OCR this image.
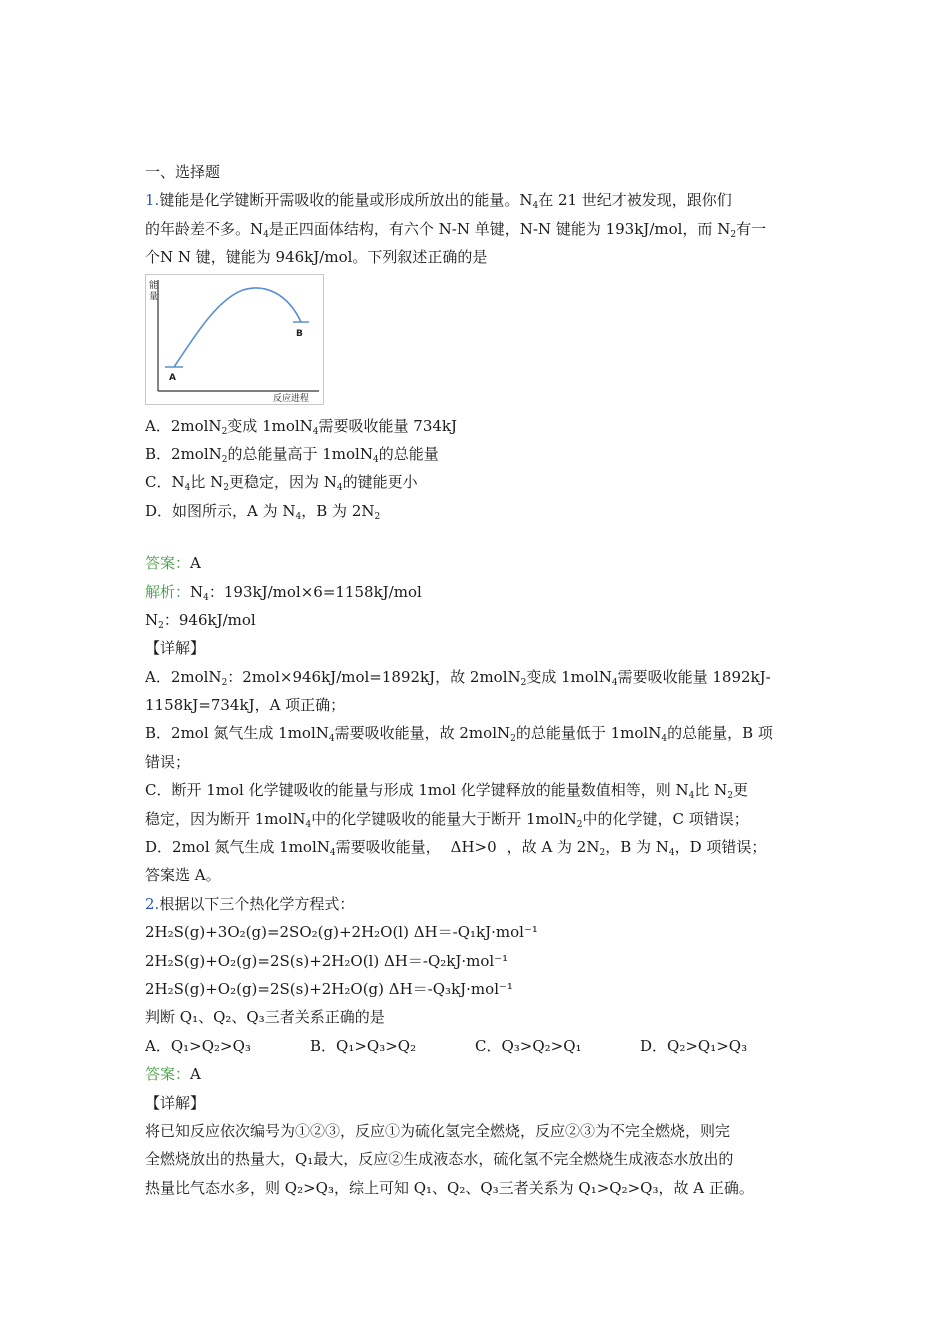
一、选择题
1.键能是化学键断开需吸收的能量或形成所放出的能量。$N_4$在 21 世纪才被发现，跟你们
的年龄差不多。$N_4$是正四面体结构，有六个 N-N 单键，N-N 键能为 193kJ/mol，而 $N_2$有一
个N N 键，键能为 946kJ/mol。下列叙述正确的是
能
量
反应进程
A
B
A．2molN$_2$变成 1molN$_4$需要吸收能量 734kJ
B．2molN$_2$的总能量高于 1molN$_4$的总能量
C．$N_4$比 $N_2$更稳定，因为 $N_4$的键能更小
D．如图所示，A 为 $N_4$，B 为 $2N_2$
答案：A
解析：$N_4$：193kJ/mol×6=1158kJ/mol
$N_2$：946kJ/mol
【详解】
A．2molN$_2$：2mol×946kJ/mol=1892kJ，故 2molN$_2$变成 1molN$_4$需要吸收能量 1892kJ-
1158kJ=734kJ，A 项正确；
B．2mol 氮气生成 1molN$_4$需要吸收能量，故 2molN$_2$的总能量低于 1molN$_4$的总能量，B 项
错误；
C．断开 1mol 化学键吸收的能量与形成 1mol 化学键释放的能量数值相等，则 $N_4$比 $N_2$更
稳定，因为断开 1molN$_4$中的化学键吸收的能量大于断开 1molN$_2$中的化学键，C 项错误；
D．2mol 氮气生成 1molN$_4$需要吸收能量， ΔH>0 ，故 A 为 $2N_2$，B 为 $N_4$，D 项错误；
答案选 A。
2.根据以下三个热化学方程式：
2H₂S(g)+3O₂(g)=2SO₂(g)+2H₂O(l) ΔH＝-Q₁kJ·mol⁻¹
2H₂S(g)+O₂(g)=2S(s)+2H₂O(l) ΔH＝-Q₂kJ·mol⁻¹
2H₂S(g)+O₂(g)=2S(s)+2H₂O(g) ΔH＝-Q₃kJ·mol⁻¹
判断 Q₁、Q₂、Q₃三者关系正确的是
A．Q₁>Q₂>Q₃	B．Q₁>Q₃>Q₂	C．Q₃>Q₂>Q₁	D．Q₂>Q₁>Q₃
答案：A
【详解】
将已知反应依次编号为①②③，反应①为硫化氢完全燃烧，反应②③为不完全燃烧，则完
全燃烧放出的热量大，Q₁最大，反应②生成液态水，硫化氢不完全燃烧生成液态水放出的
热量比气态水多，则 Q₂>Q₃，综上可知 Q₁、Q₂、Q₃三者关系为 Q₁>Q₂>Q₃，故 A 正确。
